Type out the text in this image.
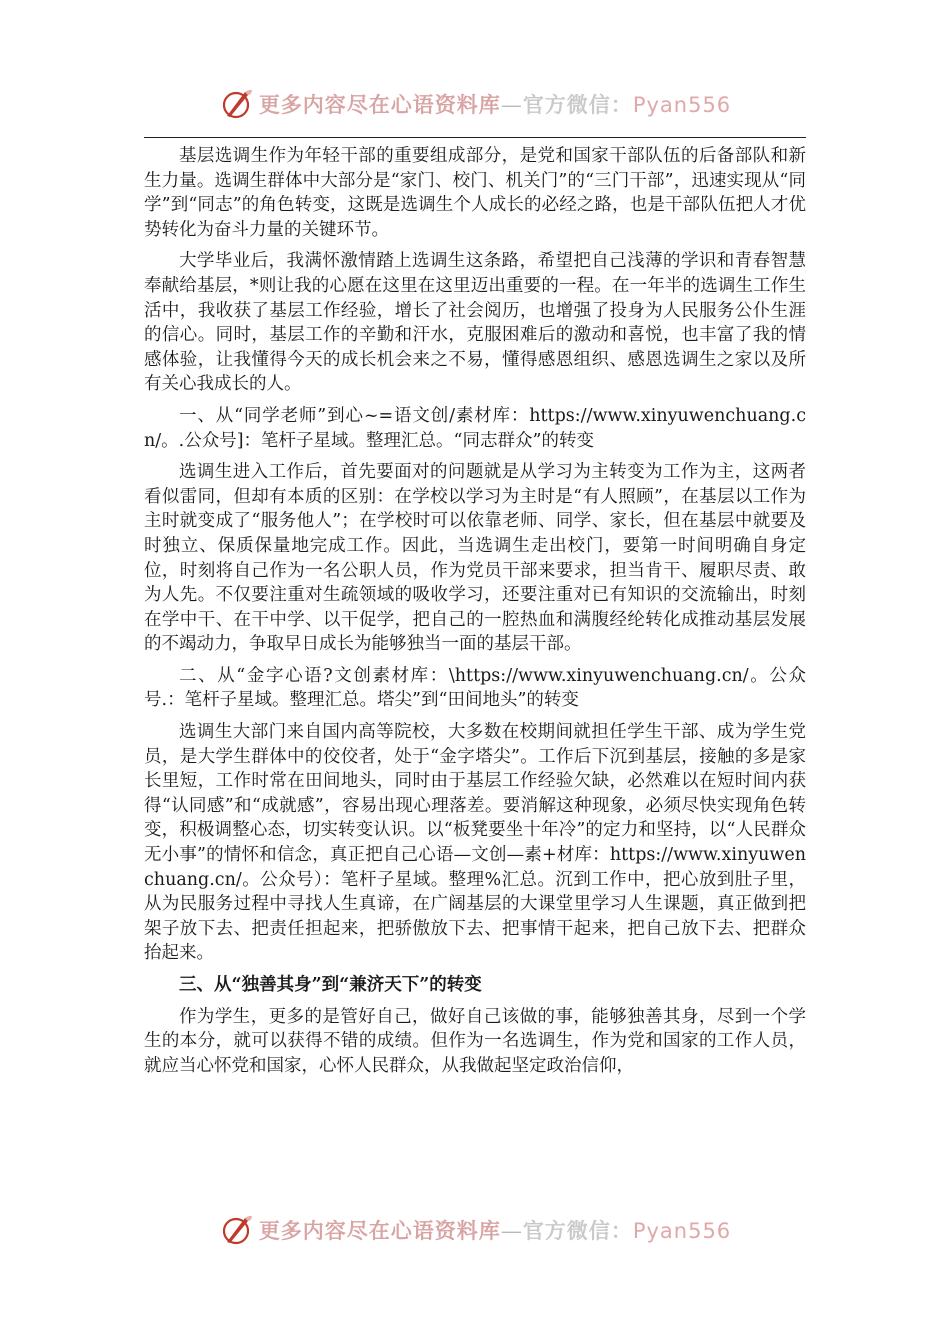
更多内容尽在心语资料库—官方微信：Pyan556

基层选调生作为年轻干部的重要组成部分，是党和国家干部队伍的后备部队和新生力量。选调生群体中大部分是“家门、校门、机关门”的“三门干部”，迅速实现从“同学”到“同志”的角色转变，这既是选调生个人成长的必经之路，也是干部队伍把人才优势转化为奋斗力量的关键环节。

大学毕业后，我满怀激情踏上选调生这条路，希望把自己浅薄的学识和青春智慧奉献给基层，*则让我的心愿在这里在这里迈出重要的一程。在一年半的选调生工作生活中，我收获了基层工作经验，增长了社会阅历，也增强了投身为人民服务公仆生涯的信心。同时，基层工作的辛勤和汗水，克服困难后的激动和喜悦，也丰富了我的情感体验，让我懂得今天的成长机会来之不易，懂得感恩组织、感恩选调生之家以及所有关心我成长的人。

一、从“同学老师”到心~=语文创/素材库：https://www.xinyuwenchuang.cn/。.公众号]：笔杆子星域。整理汇总。“同志群众”的转变

选调生进入工作后，首先要面对的问题就是从学习为主转变为工作为主，这两者看似雷同，但却有本质的区别：在学校以学习为主时是“有人照顾”，在基层以工作为主时就变成了“服务他人”；在学校时可以依靠老师、同学、家长，但在基层中就要及时独立、保质保量地完成工作。因此，当选调生走出校门，要第一时间明确自身定位，时刻将自己作为一名公职人员，作为党员干部来要求，担当肯干、履职尽责、敢为人先。不仅要注重对生疏领域的吸收学习，还要注重对已有知识的交流输出，时刻在学中干、在干中学、以干促学，把自己的一腔热血和满腹经纶转化成推动基层发展的不竭动力，争取早日成长为能够独当一面的基层干部。

二、从“金字心语?文创素材库：\https://www.xinyuwenchuang.cn/。公众号.：笔杆子星域。整理汇总。塔尖”到“田间地头”的转变

选调生大部门来自国内高等院校，大多数在校期间就担任学生干部、成为学生党员，是大学生群体中的佼佼者，处于“金字塔尖”。工作后下沉到基层，接触的多是家长里短，工作时常在田间地头，同时由于基层工作经验欠缺，必然难以在短时间内获得“认同感”和“成就感”，容易出现心理落差。要消解这种现象，必须尽快实现角色转变，积极调整心态，切实转变认识。以“板凳要坐十年冷”的定力和坚持，以“人民群众无小事”的情怀和信念，真正把自己心语—文创—素+材库：https://www.xinyuwenchuang.cn/。公众号）：笔杆子星域。整理%汇总。沉到工作中，把心放到肚子里，从为民服务过程中寻找人生真谛，在广阔基层的大课堂里学习人生课题，真正做到把架子放下去、把责任担起来，把骄傲放下去、把事情干起来，把自己放下去、把群众抬起来。

三、从“独善其身”到“兼济天下”的转变

作为学生，更多的是管好自己，做好自己该做的事，能够独善其身，尽到一个学生的本分，就可以获得不错的成绩。但作为一名选调生，作为党和国家的工作人员，就应当心怀党和国家，心怀人民群众，从我做起坚定政治信仰，

更多内容尽在心语资料库—官方微信：Pyan556
